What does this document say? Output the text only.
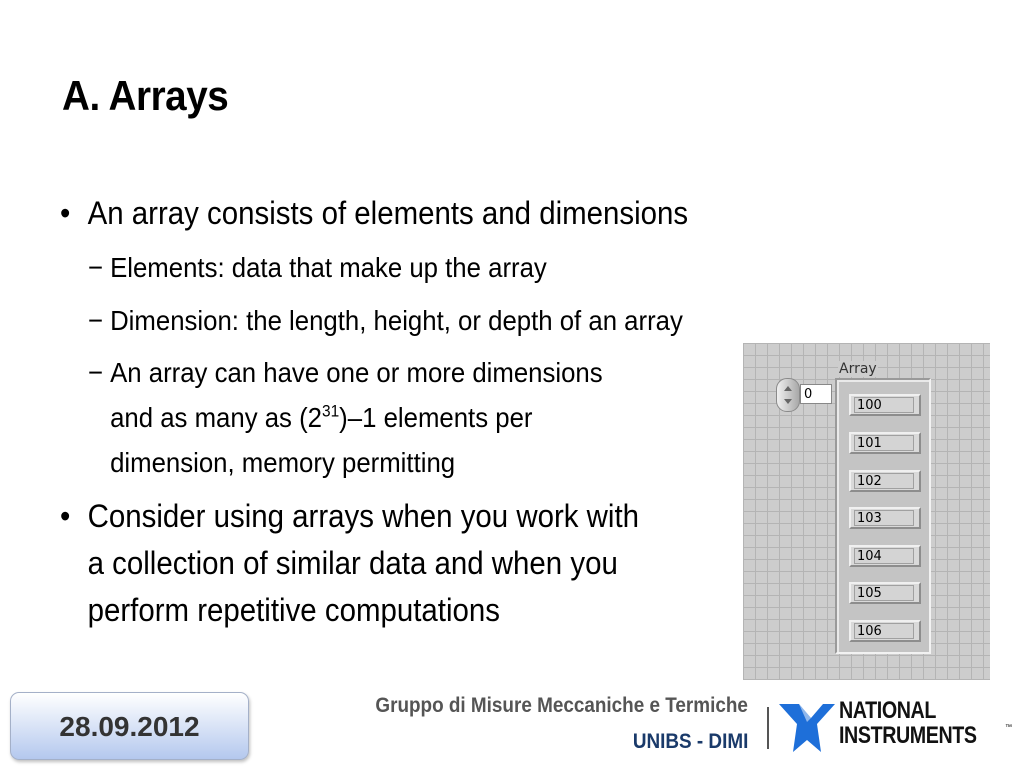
A. Arrays
• An array consists of elements and dimensions
− Elements: data that make up the array
− Dimension: the length, height, or depth of an array
− An array can have one or more dimensions
and as many as $(2^{31})-1$ elements per
dimension, memory permitting
• Consider using arrays when you work with
a collection of similar data and when you
perform repetitive computations
Array
0
100
101
102
103
104
105
106
28.09.2012
Gruppo di Misure Meccaniche e Termiche
UNIBS - DIMI
NATIONAL
INSTRUMENTS	™
